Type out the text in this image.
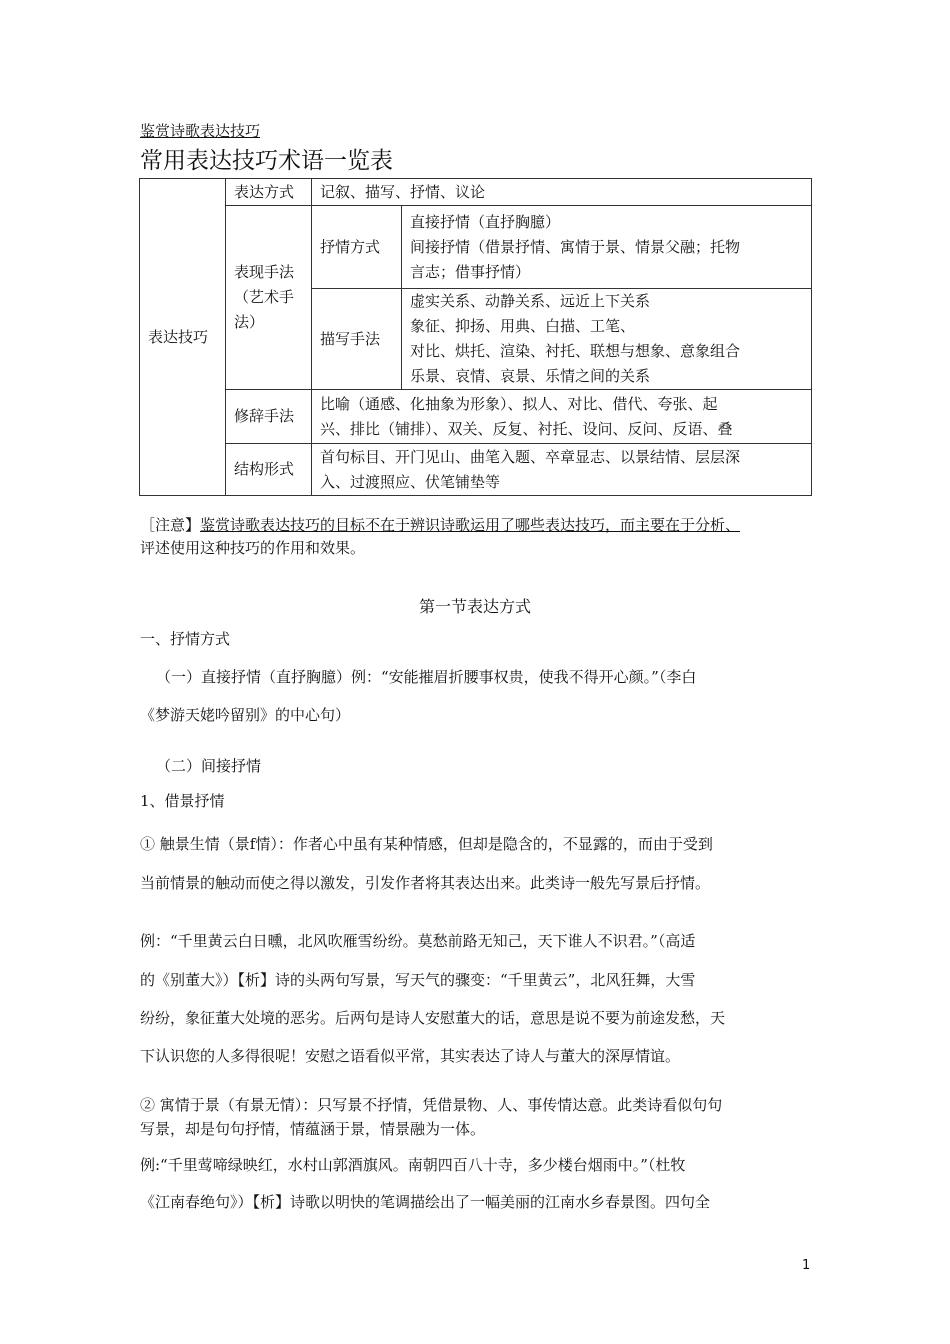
鉴赏诗歌表达技巧
常用表达技巧术语一览表
表达技巧	表达方式	记叙、描写、抒情、议论	
	表现手法（艺术手法）	抒情方式	直接抒情（直抒胸臆）
间接抒情（借景抒情、寓情于景、情景父融；托物
言志；借事抒情）

		描写手法	虚实关系、动静关系、远近上下关系
象征、抑扬、用典、白描、工笔、
对比、烘托、渲染、衬托、联想与想象、意象组合
乐景、哀情、哀景、乐情之间的关系

	修辞手法	比喻（通感、化抽象为形象）、拟人、对比、借代、夸张、起
兴、排比（铺排）、双关、反复、衬托、设问、反问、反语、叠	

	结构形式	首句标目、开门见山、曲笔入题、卒章显志、以景结情、层层深
入、过渡照应、伏笔铺垫等	
［注意】鉴赏诗歌表达技巧的目标不在于辨识诗歌运用了哪些表达技巧，而主要在于分析、
评述使用这种技巧的作用和效果。
第一节表达方式
一、抒情方式
（一）直接抒情（直抒胸臆）例：“安能摧眉折腰事权贵，使我不得开心颜。”（李白
《梦游天姥吟留别》的中心句）
（二）间接抒情
1、借景抒情
① 触景生情（景f情）：作者心中虽有某种情感，但却是隐含的，不显露的，而由于受到
当前情景的触动而使之得以激发，引发作者将其表达出来。此类诗一般先写景后抒情。
例：“千里黄云白日曛，北风吹雁雪纷纷。莫愁前路无知己，天下谁人不识君。”（高适
的《别董大》）【析】诗的头两句写景，写天气的骤变：“千里黄云”，北风狂舞，大雪
纷纷，象征董大处境的恶劣。后两句是诗人安慰董大的话，意思是说不要为前途发愁，天
下认识您的人多得很呢！安慰之语看似平常，其实表达了诗人与董大的深厚情谊。
② 寓情于景（有景无情）：只写景不抒情，凭借景物、人、事传情达意。此类诗看似句句
写景，却是句句抒情，情蕴涵于景，情景融为一体。
例:“千里莺啼绿映红，水村山郭酒旗风。南朝四百八十寺，多少楼台烟雨中。”（杜牧
《江南春绝句》）【析】诗歌以明快的笔调描绘出了一幅美丽的江南水乡春景图。四句全
1
